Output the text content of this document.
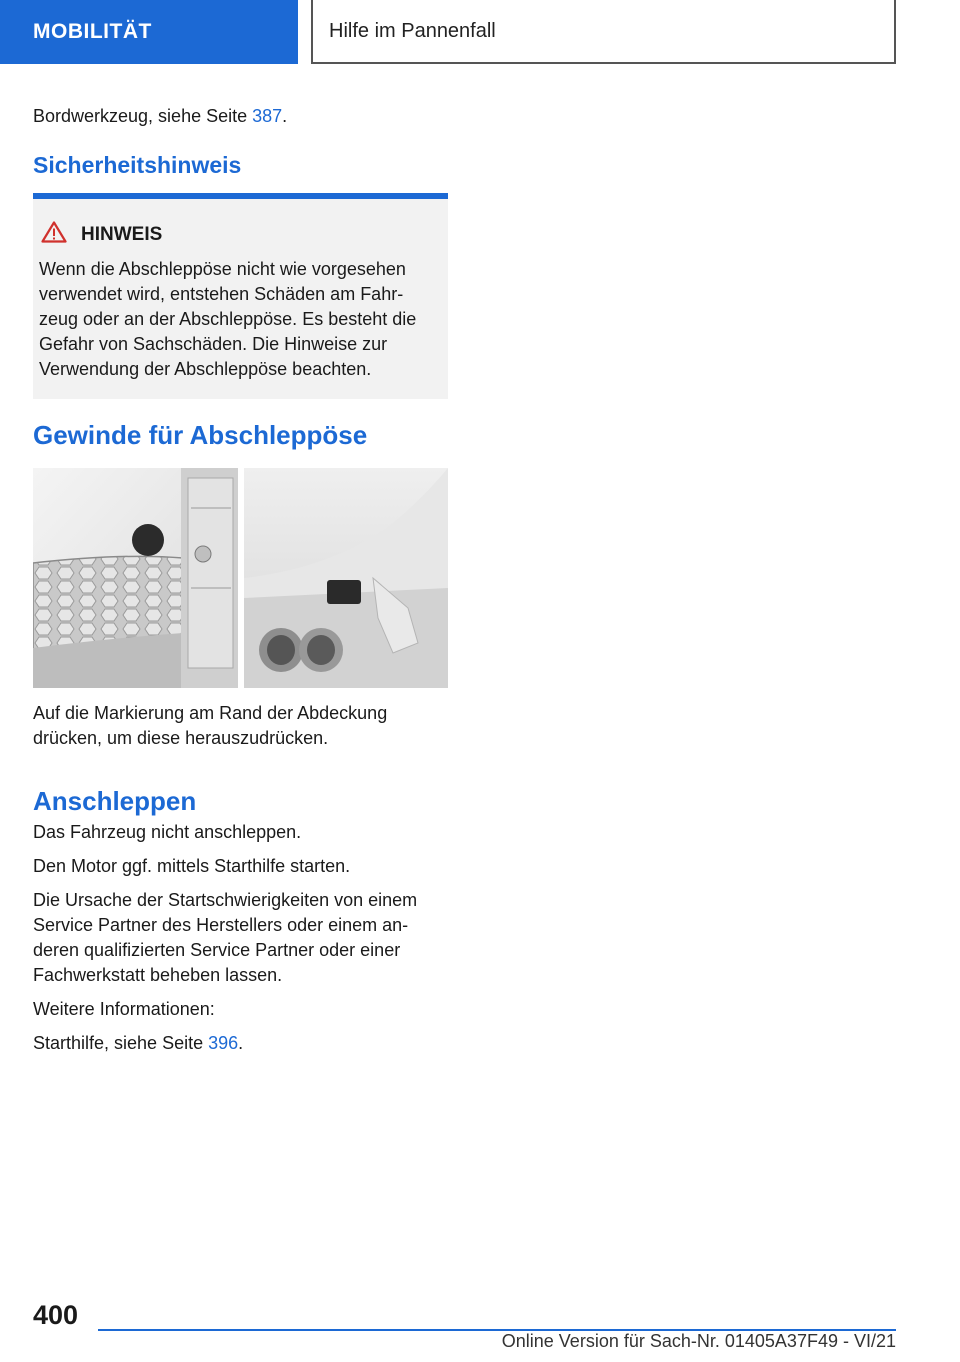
MOBILITÄT	Hilfe im Pannenfall

Bordwerkzeug, siehe Seite 387.

Sicherheitshinweis
HINWEIS

Wenn die Abschleppöse nicht wie vorgesehen

verwendet wird, entstehen Schäden am Fahr-

zeug oder an der Abschleppöse. Es besteht die

Gefahr von Sachschäden. Die Hinweise zur

Verwendung der Abschleppöse beachten.

Gewinde für Abschleppöse

Auf die Markierung am Rand der Abdeckung

drücken, um diese herauszudrücken.

Anschleppen

Das Fahrzeug nicht anschleppen.

Den Motor ggf. mittels Starthilfe starten.

Die Ursache der Startschwierigkeiten von einem

Service Partner des Herstellers oder einem an-

deren qualifizierten Service Partner oder einer

Fachwerkstatt beheben lassen.

Weitere Informationen:

Starthilfe, siehe Seite 396.

400
Online Version für Sach-Nr. 01405A37F49 - VI/21
